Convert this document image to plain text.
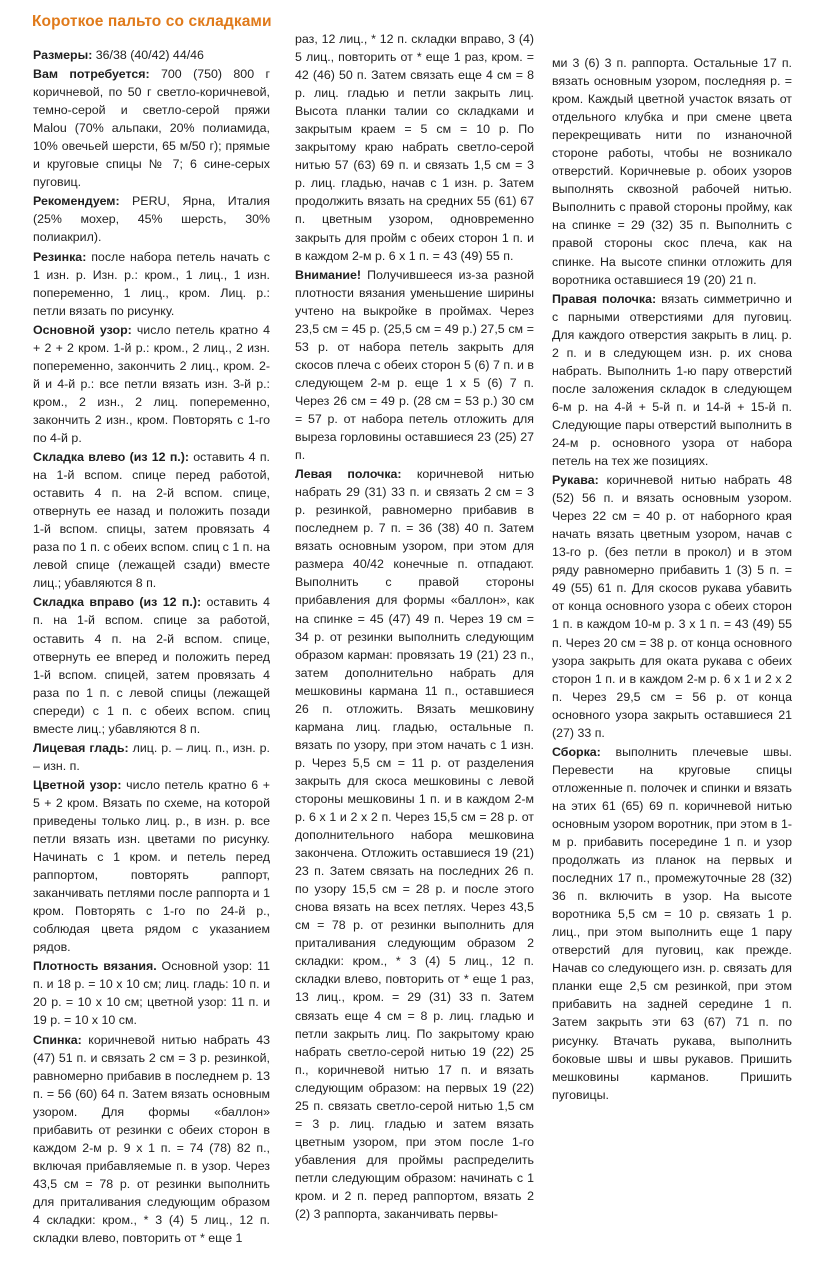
Короткое пальто со складками

Размеры: 36/38 (40/42) 44/46

Вам потребуется: 700 (750) 800 г коричневой, по 50 г светло-коричневой, темно-серой и светло-серой пряжи Malou (70% альпаки, 20% полиамида, 10% овечьей шерсти, 65 м/50 г); прямые и круговые спицы № 7; 6 сине-серых пуговиц.

Рекомендуем: PERU, Ярна, Италия (25% мохер, 45% шерсть, 30% полиакрил).

Резинка: после набора петель начать с 1 изн. р. Изн. р.: кром., 1 лиц., 1 изн. попеременно, 1 лиц., кром. Лиц. р.: петли вязать по рисунку.

Основной узор: число петель кратно 4 + 2 + 2 кром. 1-й р.: кром., 2 лиц., 2 изн. попеременно, закончить 2 лиц., кром. 2-й и 4-й р.: все петли вязать изн. 3-й р.: кром., 2 изн., 2 лиц. попеременно, закончить 2 изн., кром. Повторять с 1-го по 4-й р.

Складка влево (из 12 п.): оставить 4 п. на 1-й вспом. спице перед работой, оставить 4 п. на 2-й вспом. спице, отвернуть ее назад и положить позади 1-й вспом. спицы, затем провязать 4 раза по 1 п. с обеих вспом. спиц с 1 п. на левой спице (лежащей сзади) вместе лиц.; убавляются 8 п.

Складка вправо (из 12 п.): оставить 4 п. на 1-й вспом. спице за работой, оставить 4 п. на 2-й вспом. спице, отвернуть ее вперед и положить перед 1-й вспом. спицей, затем провязать 4 раза по 1 п. с левой спицы (лежащей спереди) с 1 п. с обеих вспом. спиц вместе лиц.; убавляются 8 п.

Лицевая гладь: лиц. р. – лиц. п., изн. р. – изн. п.

Цветной узор: число петель кратно 6 + 5 + 2 кром. Вязать по схеме, на которой приведены только лиц. р., в изн. р. все петли вязать изн. цветами по рисунку. Начинать с 1 кром. и петель перед раппортом, повторять раппорт, заканчивать петлями после раппорта и 1 кром. Повторять с 1-го по 24-й р., соблюдая цвета рядом с указанием рядов.

Плотность вязания. Основной узор: 11 п. и 18 р. = 10 х 10 см; лиц. гладь: 10 п. и 20 р. = 10 х 10 см; цветной узор: 11 п. и 19 р. = 10 х 10 см.

Спинка: коричневой нитью набрать 43 (47) 51 п. и связать 2 см = 3 р. резинкой, равномерно прибавив в последнем р. 13 п. = 56 (60) 64 п. Затем вязать основным узором. Для формы «баллон» прибавить от резинки с обеих сторон в каждом 2-м р. 9 х 1 п. = 74 (78) 82 п., включая прибавляемые п. в узор. Через 43,5 см = 78 р. от резинки выполнить для приталивания следующим образом 4 складки: кром., * 3 (4) 5 лиц., 12 п. складки влево, повторить от * еще 1

раз, 12 лиц., * 12 п. складки вправо, 3 (4) 5 лиц., повторить от * еще 1 раз, кром. = 42 (46) 50 п. Затем связать еще 4 см = 8 р. лиц. гладью и петли закрыть лиц. Высота планки талии со складками и закрытым краем = 5 см = 10 р. По закрытому краю набрать светло-серой нитью 57 (63) 69 п. и связать 1,5 см = 3 р. лиц. гладью, начав с 1 изн. р. Затем продолжить вязать на средних 55 (61) 67 п. цветным узором, одновременно закрыть для пройм с обеих сторон 1 п. и в каждом 2-м р. 6 х 1 п. = 43 (49) 55 п.

Внимание! Получившееся из-за разной плотности вязания уменьшение ширины учтено на выкройке в проймах. Через 23,5 см = 45 р. (25,5 см = 49 р.) 27,5 см = 53 р. от набора петель закрыть для скосов плеча с обеих сторон 5 (6) 7 п. и в следующем 2-м р. еще 1 х 5 (6) 7 п. Через 26 см = 49 р. (28 см = 53 р.) 30 см = 57 р. от набора петель отложить для выреза горловины оставшиеся 23 (25) 27 п.

Левая полочка: коричневой нитью набрать 29 (31) 33 п. и связать 2 см = 3 р. резинкой, равномерно прибавив в последнем р. 7 п. = 36 (38) 40 п. Затем вязать основным узором, при этом для размера 40/42 конечные п. отпадают. Выполнить с правой стороны прибавления для формы «баллон», как на спинке = 45 (47) 49 п. Через 19 см = 34 р. от резинки выполнить следующим образом карман: провязать 19 (21) 23 п., затем дополнительно набрать для мешковины кармана 11 п., оставшиеся 26 п. отложить. Вязать мешковину кармана лиц. гладью, остальные п. вязать по узору, при этом начать с 1 изн. р. Через 5,5 см = 11 р. от разделения закрыть для скоса мешковины с левой стороны мешковины 1 п. и в каждом 2-м р. 6 х 1 и 2 х 2 п. Через 15,5 см = 28 р. от дополнительного набора мешковина закончена. Отложить оставшиеся 19 (21) 23 п. Затем связать на последних 26 п. по узору 15,5 см = 28 р. и после этого снова вязать на всех петлях. Через 43,5 см = 78 р. от резинки выполнить для приталивания следующим образом 2 складки: кром., * 3 (4) 5 лиц., 12 п. складки влево, повторить от * еще 1 раз, 13 лиц., кром. = 29 (31) 33 п. Затем связать еще 4 см = 8 р. лиц. гладью и петли закрыть лиц. По закрытому краю набрать светло-серой нитью 19 (22) 25 п., коричневой нитью 17 п. и вязать следующим образом: на первых 19 (22) 25 п. связать светло-серой нитью 1,5 см = 3 р. лиц. гладью и затем вязать цветным узором, при этом после 1-го убавления для проймы распределить петли следующим образом: начинать с 1 кром. и 2 п. перед раппортом, вязать 2 (2) 3 раппорта, заканчивать первы-

ми 3 (6) 3 п. раппорта. Остальные 17 п. вязать основным узором, последняя р. = кром. Каждый цветной участок вязать от отдельного клубка и при смене цвета перекрещивать нити по изнаночной стороне работы, чтобы не возникало отверстий. Коричневые р. обоих узоров выполнять сквозной рабочей нитью. Выполнить с правой стороны пройму, как на спинке = 29 (32) 35 п. Выполнить с правой стороны скос плеча, как на спинке. На высоте спинки отложить для воротника оставшиеся 19 (20) 21 п.

Правая полочка: вязать симметрично и с парными отверстиями для пуговиц. Для каждого отверстия закрыть в лиц. р. 2 п. и в следующем изн. р. их снова набрать. Выполнить 1-ю пару отверстий после заложения складок в следующем 6-м р. на 4-й + 5-й п. и 14-й + 15-й п. Следующие пары отверстий выполнить в 24-м р. основного узора от набора петель на тех же позициях.

Рукава: коричневой нитью набрать 48 (52) 56 п. и вязать основным узором. Через 22 см = 40 р. от наборного края начать вязать цветным узором, начав с 13-го р. (без петли в прокол) и в этом ряду равномерно прибавить 1 (3) 5 п. = 49 (55) 61 п. Для скосов рукава убавить от конца основного узора с обеих сторон 1 п. в каждом 10-м р. 3 х 1 п. = 43 (49) 55 п. Через 20 см = 38 р. от конца основного узора закрыть для оката рукава с обеих сторон 1 п. и в каждом 2-м р. 6 х 1 и 2 х 2 п. Через 29,5 см = 56 р. от конца основного узора закрыть оставшиеся 21 (27) 33 п.

Сборка: выполнить плечевые швы. Перевести на круговые спицы отложенные п. полочек и спинки и вязать на этих 61 (65) 69 п. коричневой нитью основным узором воротник, при этом в 1-м р. прибавить посередине 1 п. и узор продолжать из планок на первых и последних 17 п., промежуточные 28 (32) 36 п. включить в узор. На высоте воротника 5,5 см = 10 р. связать 1 р. лиц., при этом выполнить еще 1 пару отверстий для пуговиц, как прежде. Начав со следующего изн. р. связать для планки еще 2,5 см резинкой, при этом прибавить на задней середине 1 п. Затем закрыть эти 63 (67) 71 п. по рисунку. Втачать рукава, выполнить боковые швы и швы рукавов. Пришить мешковины карманов. Пришить пуговицы.
